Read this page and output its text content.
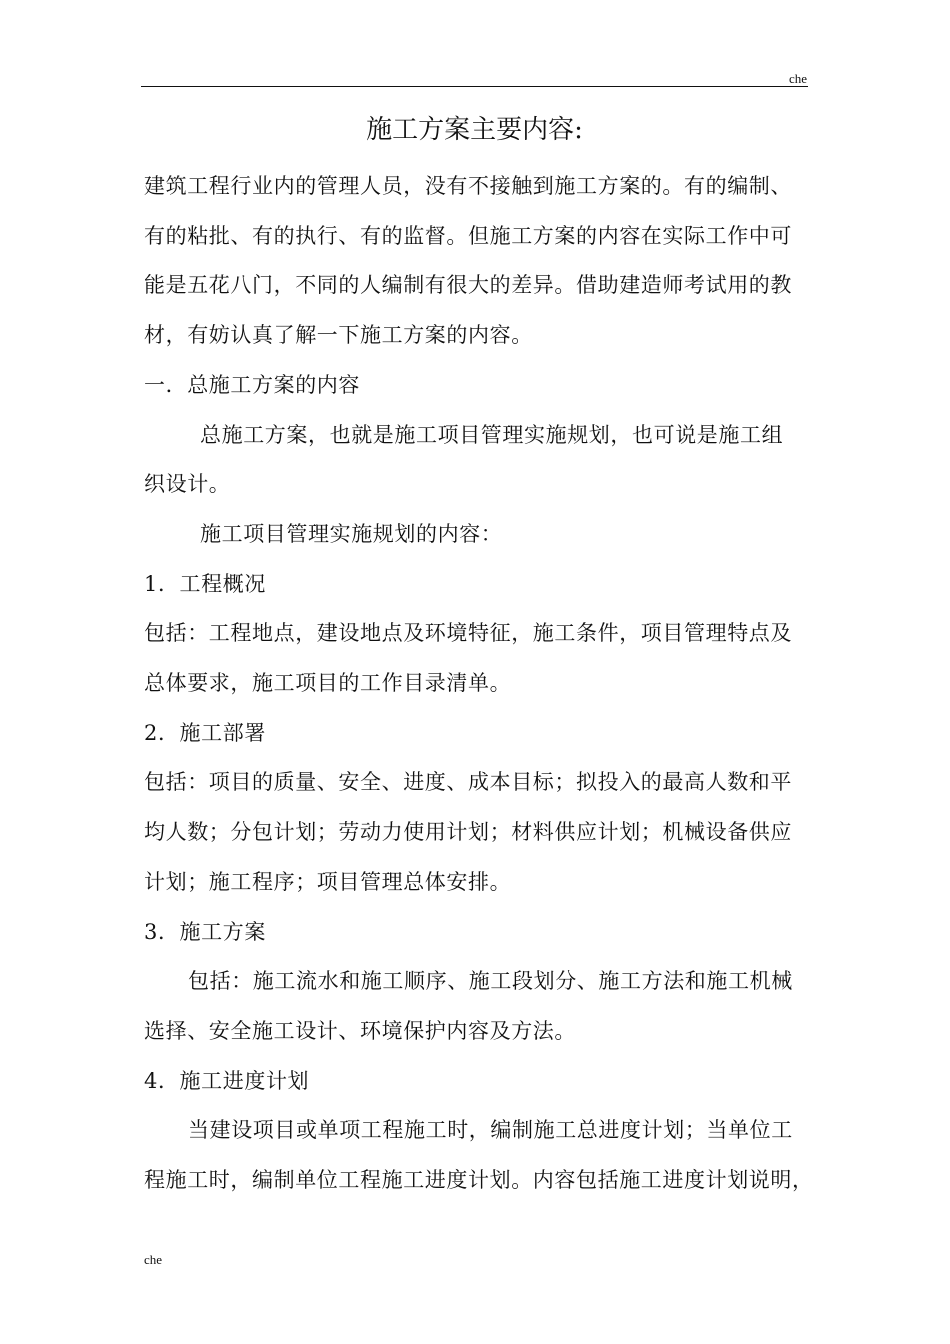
che
施工方案主要内容:

建筑工程行业内的管理人员，没有不接触到施工方案的。有的编制、
有的粘批、有的执行、有的监督。但施工方案的内容在实际工作中可
能是五花八门，不同的人编制有很大的差异。借助建造师考试用的教
材，有妨认真了解一下施工方案的内容。

一．总施工方案的内容

总施工方案，也就是施工项目管理实施规划，也可说是施工组
织设计。

施工项目管理实施规划的内容：

1．工程概况

包括：工程地点，建设地点及环境特征，施工条件，项目管理特点及
总体要求，施工项目的工作目录清单。

2．施工部署

包括：项目的质量、安全、进度、成本目标；拟投入的最高人数和平
均人数；分包计划；劳动力使用计划；材料供应计划；机械设备供应
计划；施工程序；项目管理总体安排。

3．施工方案

包括：施工流水和施工顺序、施工段划分、施工方法和施工机械
选择、安全施工设计、环境保护内容及方法。

4．施工进度计划

当建设项目或单项工程施工时，编制施工总进度计划；当单位工
程施工时，编制单位工程施工进度计划。内容包括施工进度计划说明，

che
